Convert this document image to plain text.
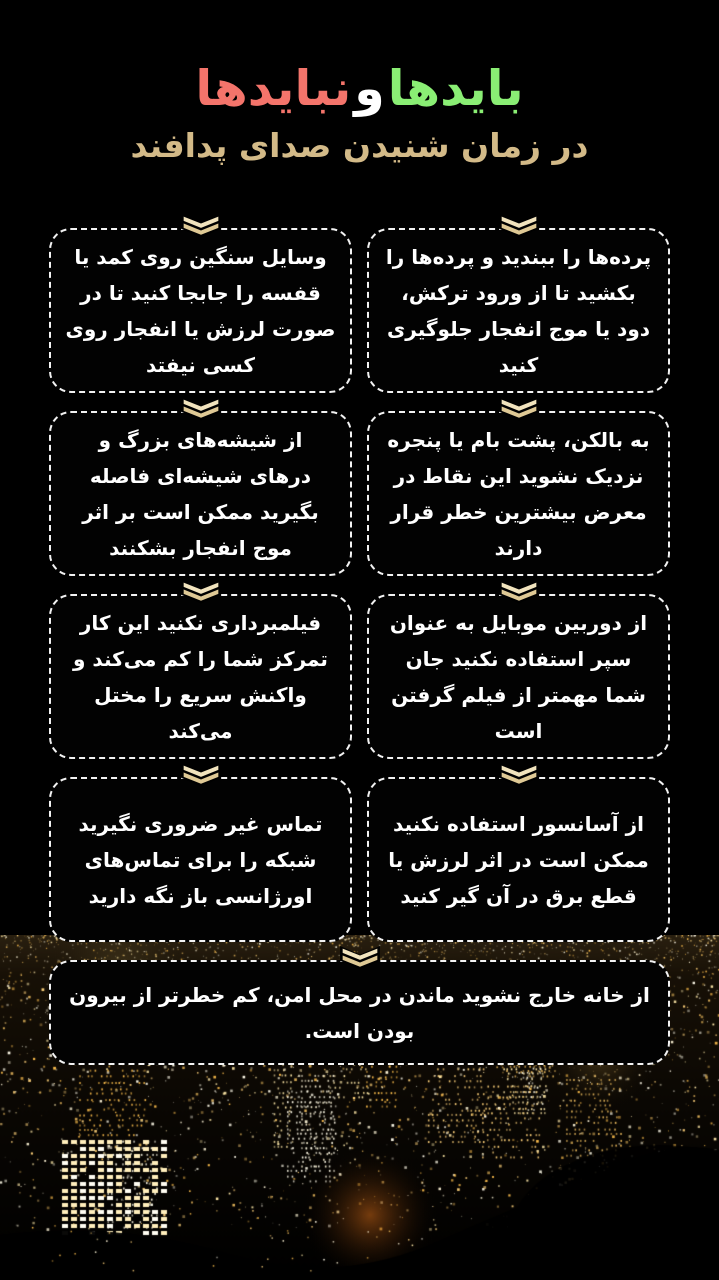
بایدهاونبایدها
در زمان شنیدن صدای پدافند
پرده‌ها را ببندید و پرده‌ها را بکشید تا از ورود ترکش، دود یا موج انفجار جلوگیری کنید
وسایل سنگین روی کمد یا قفسه را جابجا کنید تا در صورت لرزش یا انفجار روی کسی نیفتد
به بالکن، پشت بام یا پنجره نزدیک نشوید این نقاط در معرض بیشترین خطر قرار دارند
از شیشه‌های بزرگ و درهای شیشه‌ای فاصله بگیرید ممکن است بر اثر موج انفجار بشکنند
از دوربین موبایل به عنوان سپر استفاده نکنید جان شما مهمتر از فیلم گرفتن است
فیلمبرداری نکنید این کار تمرکز شما را کم می‌کند و واکنش سریع را مختل می‌کند
از آسانسور استفاده نکنید ممکن است در اثر لرزش یا قطع برق در آن گیر کنید
تماس غیر ضروری نگیرید شبکه را برای تماس‌های اورژانسی باز نگه دارید
از خانه خارج نشوید ماندن در محل امن، کم خطرتر از بیرون بودن است.
